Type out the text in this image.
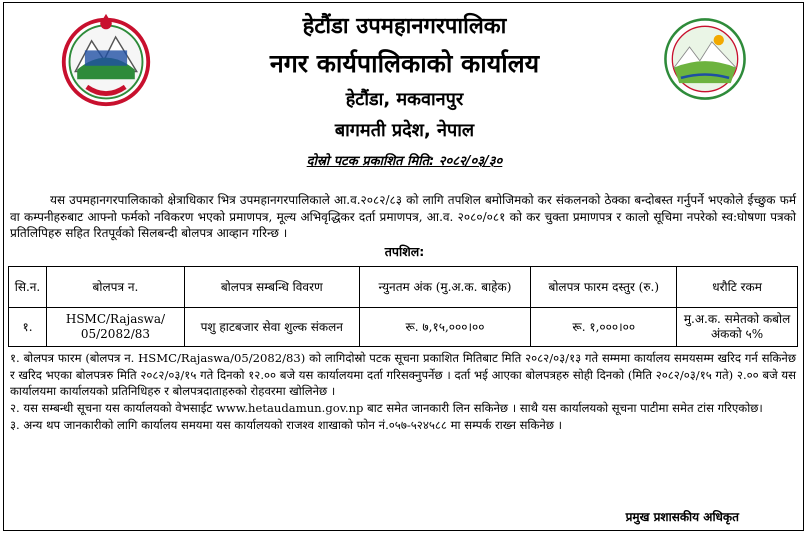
हेटौंडा उपमहानगरपालिका
नगर कार्यपालिकाको कार्यालय
हेटौंडा, मकवानपुर
बागमती प्रदेश, नेपाल
दोस्रो पटक प्रकाशित मिति: २०८२/०३/३०

यस उपमहानगरपालिकाको क्षेत्राधिकार भित्र उपमहानगरपालिकाले आ.व.२०८२/८३ को लागि तपशिल बमोजिमको कर संकलनको ठेक्का बन्दोबस्त गर्नुपर्ने भएकोले ईच्छुक फर्म वा कम्पनीहरुबाट आफ्नो फर्मको नविकरण भएको प्रमाणपत्र, मूल्य अभिवृद्धिकर दर्ता प्रमाणपत्र, आ.व. २०८०/०८१ को कर चुक्ता प्रमाणपत्र र कालो सूचिमा नपरेको स्व:घोषणा पत्रको प्रतिलिपिहरु सहित रितपूर्वको सिलबन्दी बोलपत्र आव्हान गरिन्छ ।

तपशिल:
सि.न.	बोलपत्र न.	बोलपत्र सम्बन्धि विवरण	न्युनतम अंक (मु.अ.क. बाहेक)	बोलपत्र फारम दस्तुर (रु.)	धरौटि रकम
१.	HSMC/Rajaswa/ 05/2082/83	पशु हाटबजार सेवा शुल्क संकलन	रू. ७,१५,०००।००	रू. १,०००।००	मु.अ.क. समेतको कबोल अंकको ५%

१. बोलपत्र फारम (बोलपत्र न. HSMC/Rajaswa/05/2082/83) को लागिदोस्रो पटक सूचना प्रकाशित मितिबाट मिति २०८२/०३/१३ गते सम्ममा कार्यालय समयसम्म खरिद गर्न सकिनेछ र खरिद भएका बोलपत्ररु मिति २०८२/०३/१५ गते दिनको १२.०० बजे यस कार्यालयमा दर्ता गरिसक्नुपर्नेछ । दर्ता भई आएका बोलपत्रहरु सोही दिनको (मिति २०८२/०३/१५ गते) २.०० बजे यस कार्यालयमा कार्यालयको प्रतिनिधिहरु र बोलपत्रदाताहरुको रोहवरमा खोलिनेछ ।

२. यस सम्बन्धी सूचना यस कार्यालयको वेभसाईट www.hetaudamun.gov.np बाट समेत जानकारी लिन सकिनेछ । साथै यस कार्यालयको सूचना पाटीमा समेत टांस गरिएकोछ।

३. अन्य थप जानकारीको लागि कार्यालय समयमा यस कार्यालयको राजश्व शाखाको फोन नं.०५७-५२४५८८ मा सम्पर्क राख्न सकिनेछ ।

प्रमुख प्रशासकीय अधिकृत
